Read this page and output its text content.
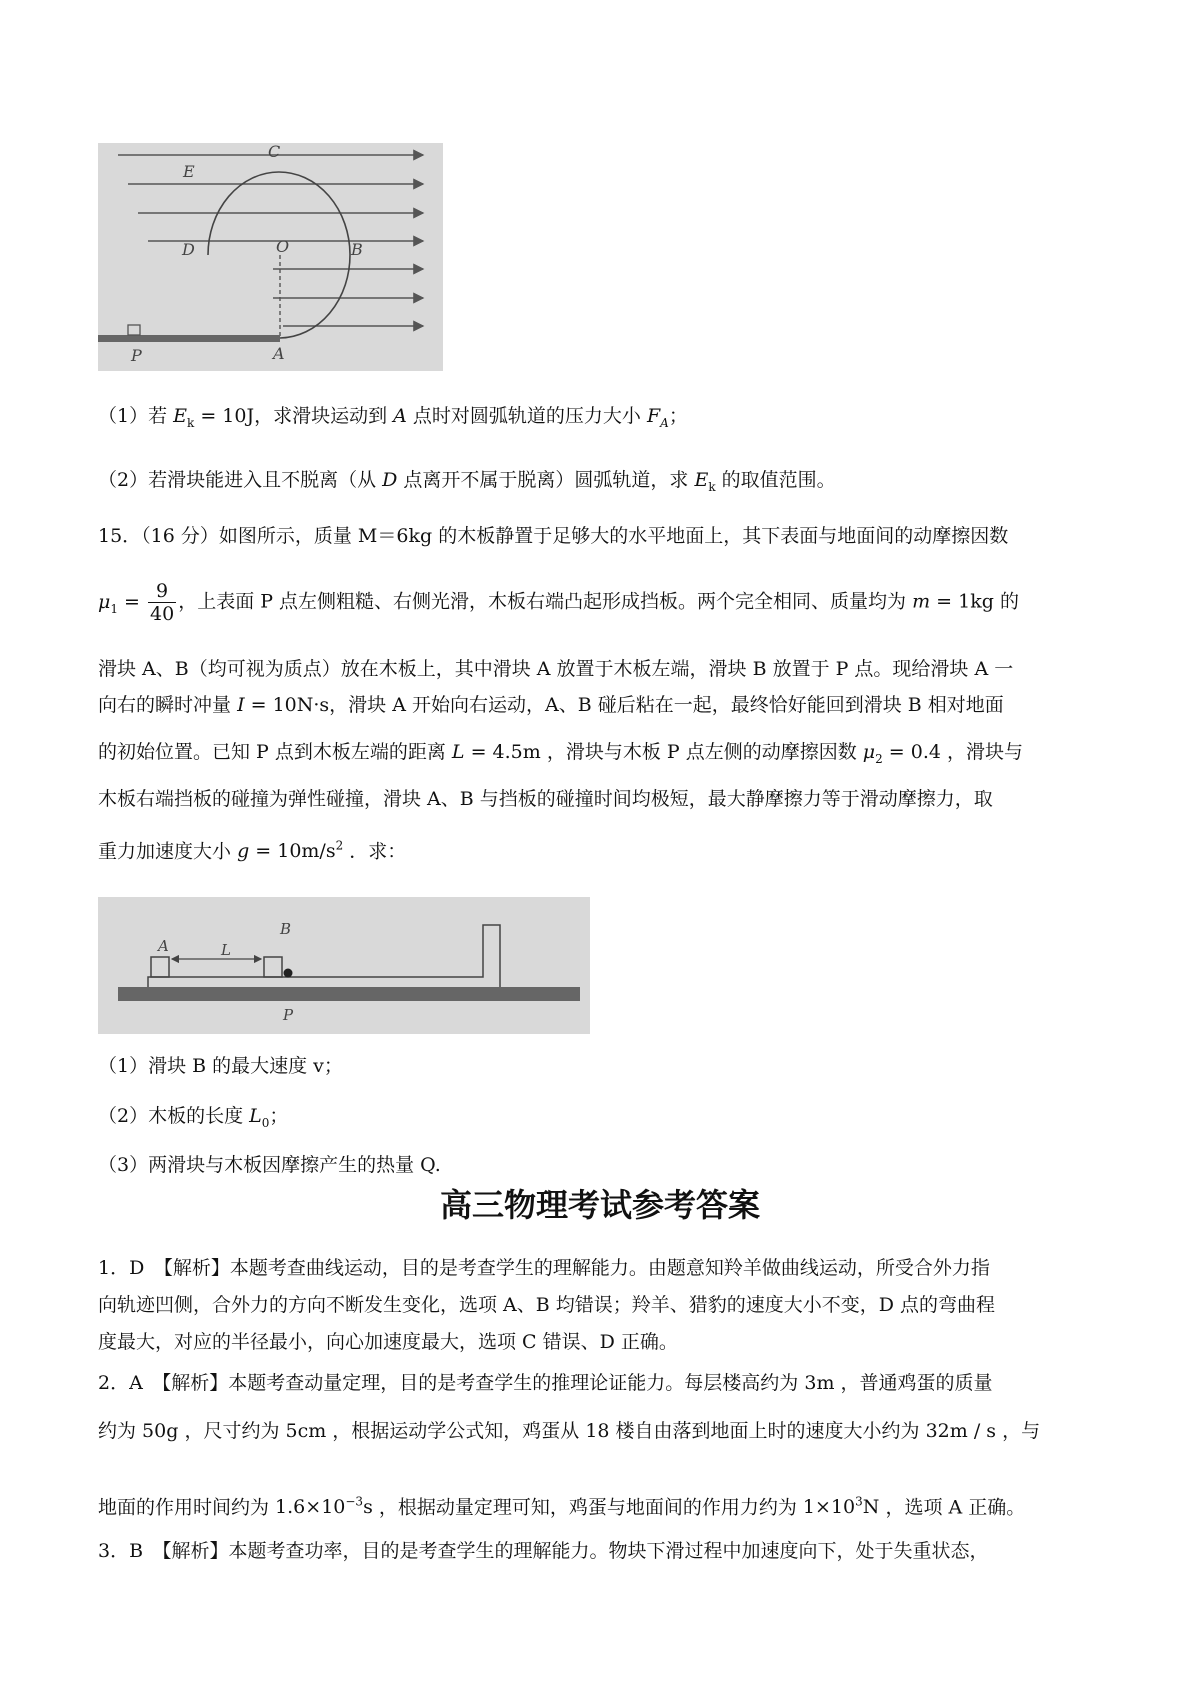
C
E
D	O	B
P	A
（1）若 $E_k = 10J$，求滑块运动到 A 点时对圆弧轨道的压力大小 $F_A$；
（2）若滑块能进入且不脱离（从 D 点离开不属于脱离）圆弧轨道，求 $E_k$ 的取值范围。
15．（16 分）如图所示，质量 M＝6kg 的木板静置于足够大的水平地面上，其下表面与地面间的动摩擦因数
$\mu_1 = \frac{9}{40}$ ，上表面 P 点左侧粗糙、右侧光滑，木板右端凸起形成挡板。两个完全相同、质量均为 m = 1kg 的
滑块 A、B（均可视为质点）放在木板上，其中滑块 A 放置于木板左端，滑块 B 放置于 P 点。现给滑块 A 一
向右的瞬时冲量 I = 10N·s，滑块 A 开始向右运动，A、B 碰后粘在一起，最终恰好能回到滑块 B 相对地面
的初始位置。已知 P 点到木板左端的距离 L = 4.5m ，滑块与木板 P 点左侧的动摩擦因数 $\mu_2 = 0.4$ ，滑块与
木板右端挡板的碰撞为弹性碰撞，滑块 A、B 与挡板的碰撞时间均极短，最大静摩擦力等于滑动摩擦力，取
重力加速度大小 $g = 10m/s^2$ ．求：
A
B
L
P
（1）滑块 B 的最大速度 v；
（2）木板的长度 $L_0$；
（3）两滑块与木板因摩擦产生的热量 Q.
高三物理考试参考答案
1．D　【解析】本题考查曲线运动，目的是考查学生的理解能力。由题意知羚羊做曲线运动，所受合外力指
向轨迹凹侧，合外力的方向不断发生变化，选项 A、B 均错误；羚羊、猎豹的速度大小不变，D 点的弯曲程
度最大，对应的半径最小，向心加速度最大，选项 C 错误、D 正确。
2．A　【解析】本题考查动量定理，目的是考查学生的推理论证能力。每层楼高约为 3m ，普通鸡蛋的质量
约为 50g ，尺寸约为 5cm ，根据运动学公式知，鸡蛋从 18 楼自由落到地面上时的速度大小约为 32m / s ，与
地面的作用时间约为 $1.6\times 10^{-3}s$ ，根据动量定理可知，鸡蛋与地面间的作用力约为 $1\times 10^3N$ ，选项 A 正确。
3．B　【解析】本题考查功率，目的是考查学生的理解能力。物块下滑过程中加速度向下，处于失重状态，
